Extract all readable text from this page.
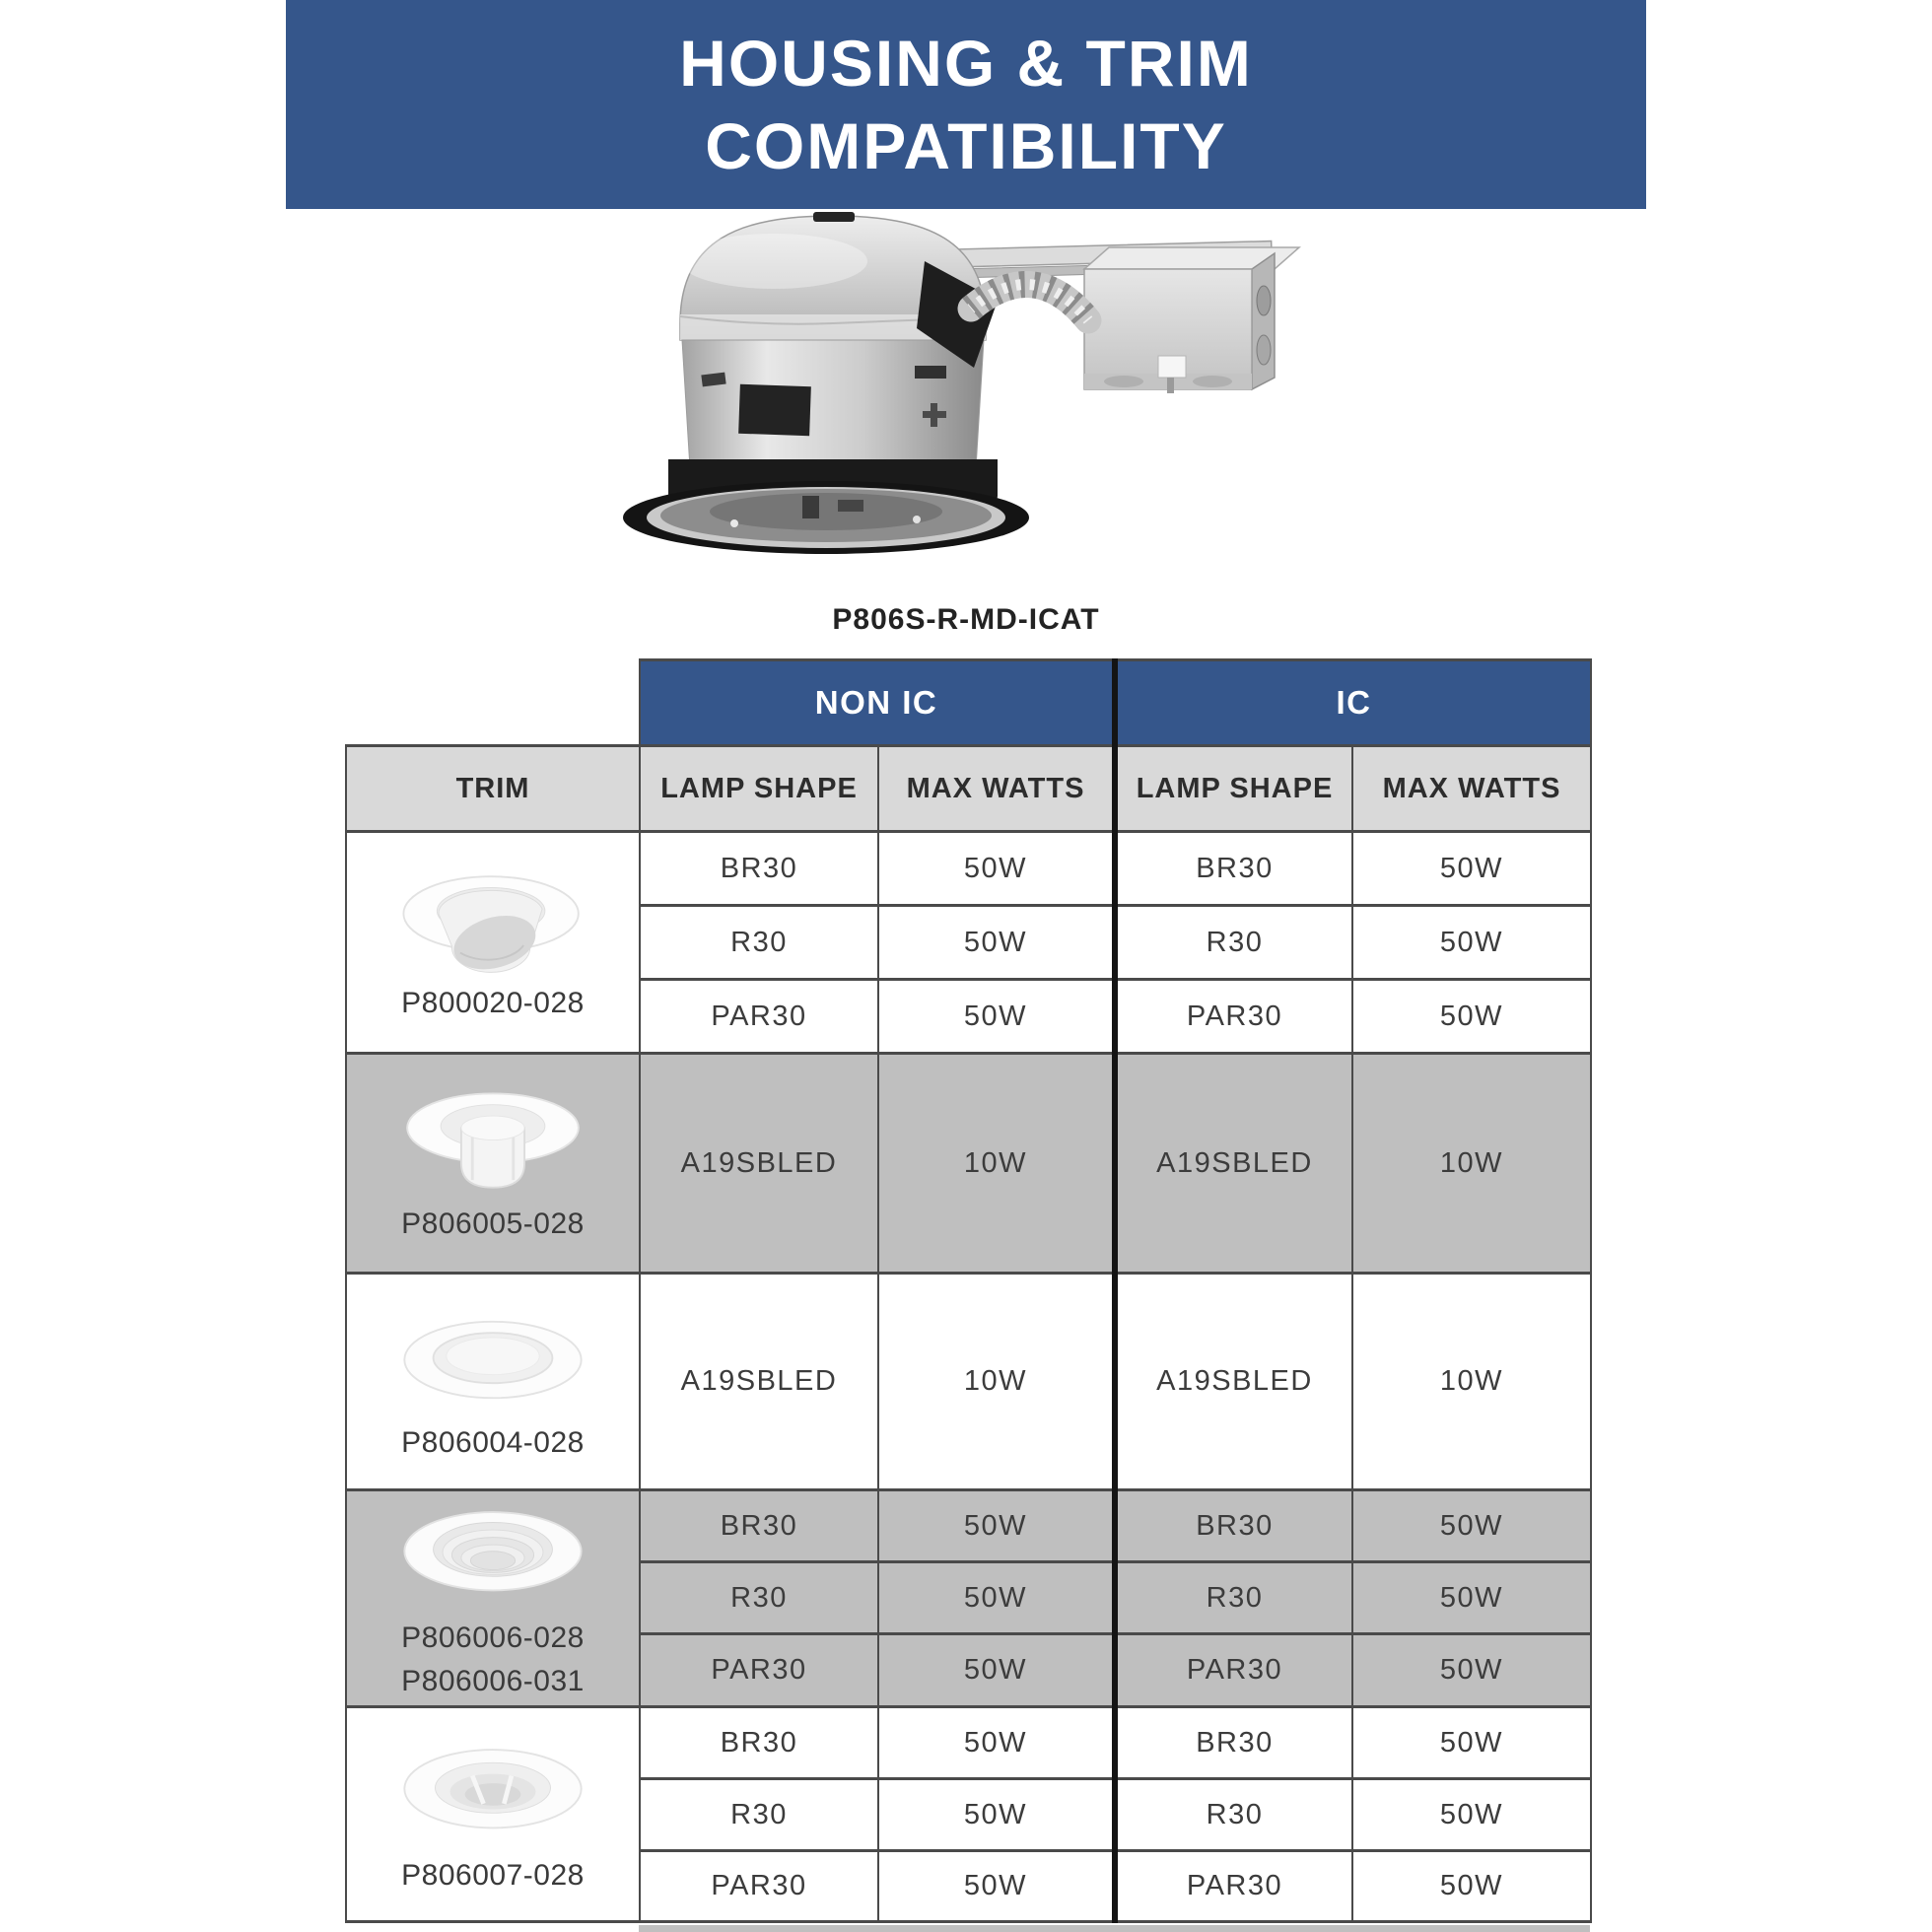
HOUSING & TRIM
COMPATIBILITY
P806S-R-MD-ICAT
	NON IC		IC	
TRIM	LAMP SHAPE	MAX WATTS	LAMP SHAPE	MAX WATTS

P800020-028	BR30	50W	BR30	50W
	R30	50W	R30	50W
	PAR30	50W	PAR30	50W

P806005-028	A19SBLED	10W	A19SBLED	10W

P806004-028	A19SBLED	10W	A19SBLED	10W

P806006-028
P806006-031	BR30	50W	BR30	50W
	R30	50W	R30	50W
	PAR30	50W	PAR30	50W

P806007-028	BR30	50W	BR30	50W
	R30	50W	R30	50W
	PAR30	50W	PAR30	50W
